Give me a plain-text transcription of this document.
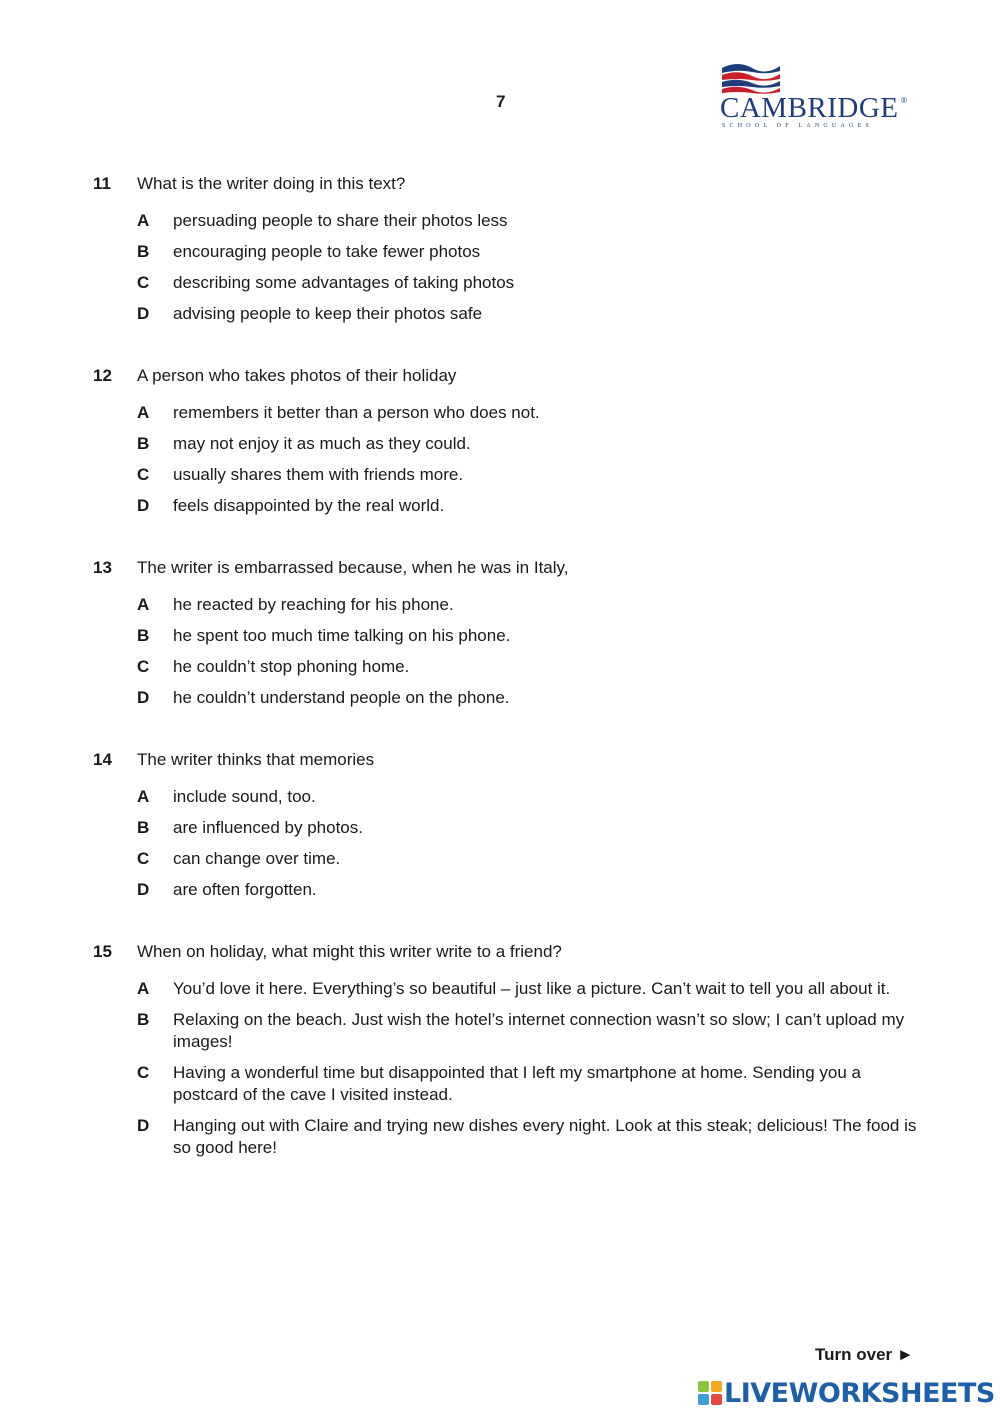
7	CAMBRIDGE ®
SCHOOL OF LANGUAGES
11	What is the writer doing in this text?
A	persuading people to share their photos less
B	encouraging people to take fewer photos
C	describing some advantages of taking photos
D	advising people to keep their photos safe
12	A person who takes photos of their holiday
A	remembers it better than a person who does not.
B	may not enjoy it as much as they could.
C	usually shares them with friends more.
D	feels disappointed by the real world.
13	The writer is embarrassed because, when he was in Italy,
A	he reacted by reaching for his phone.
B	he spent too much time talking on his phone.
C	he couldn’t stop phoning home.
D	he couldn’t understand people on the phone.
14	The writer thinks that memories
A	include sound, too.
B	are influenced by photos.
C	can change over time.
D	are often forgotten.
15	When on holiday, what might this writer write to a friend?
A	You’d love it here. Everything’s so beautiful – just like a picture. Can’t wait to tell you all about it.
B	Relaxing on the beach. Just wish the hotel’s internet connection wasn’t so slow; I can’t upload my images!
C	Having a wonderful time but disappointed that I left my smartphone at home. Sending you a postcard of the cave I visited instead.
D	Hanging out with Claire and trying new dishes every night. Look at this steak; delicious! The food is so good here!
Turn over ►
LIVEWORKSHEETS
